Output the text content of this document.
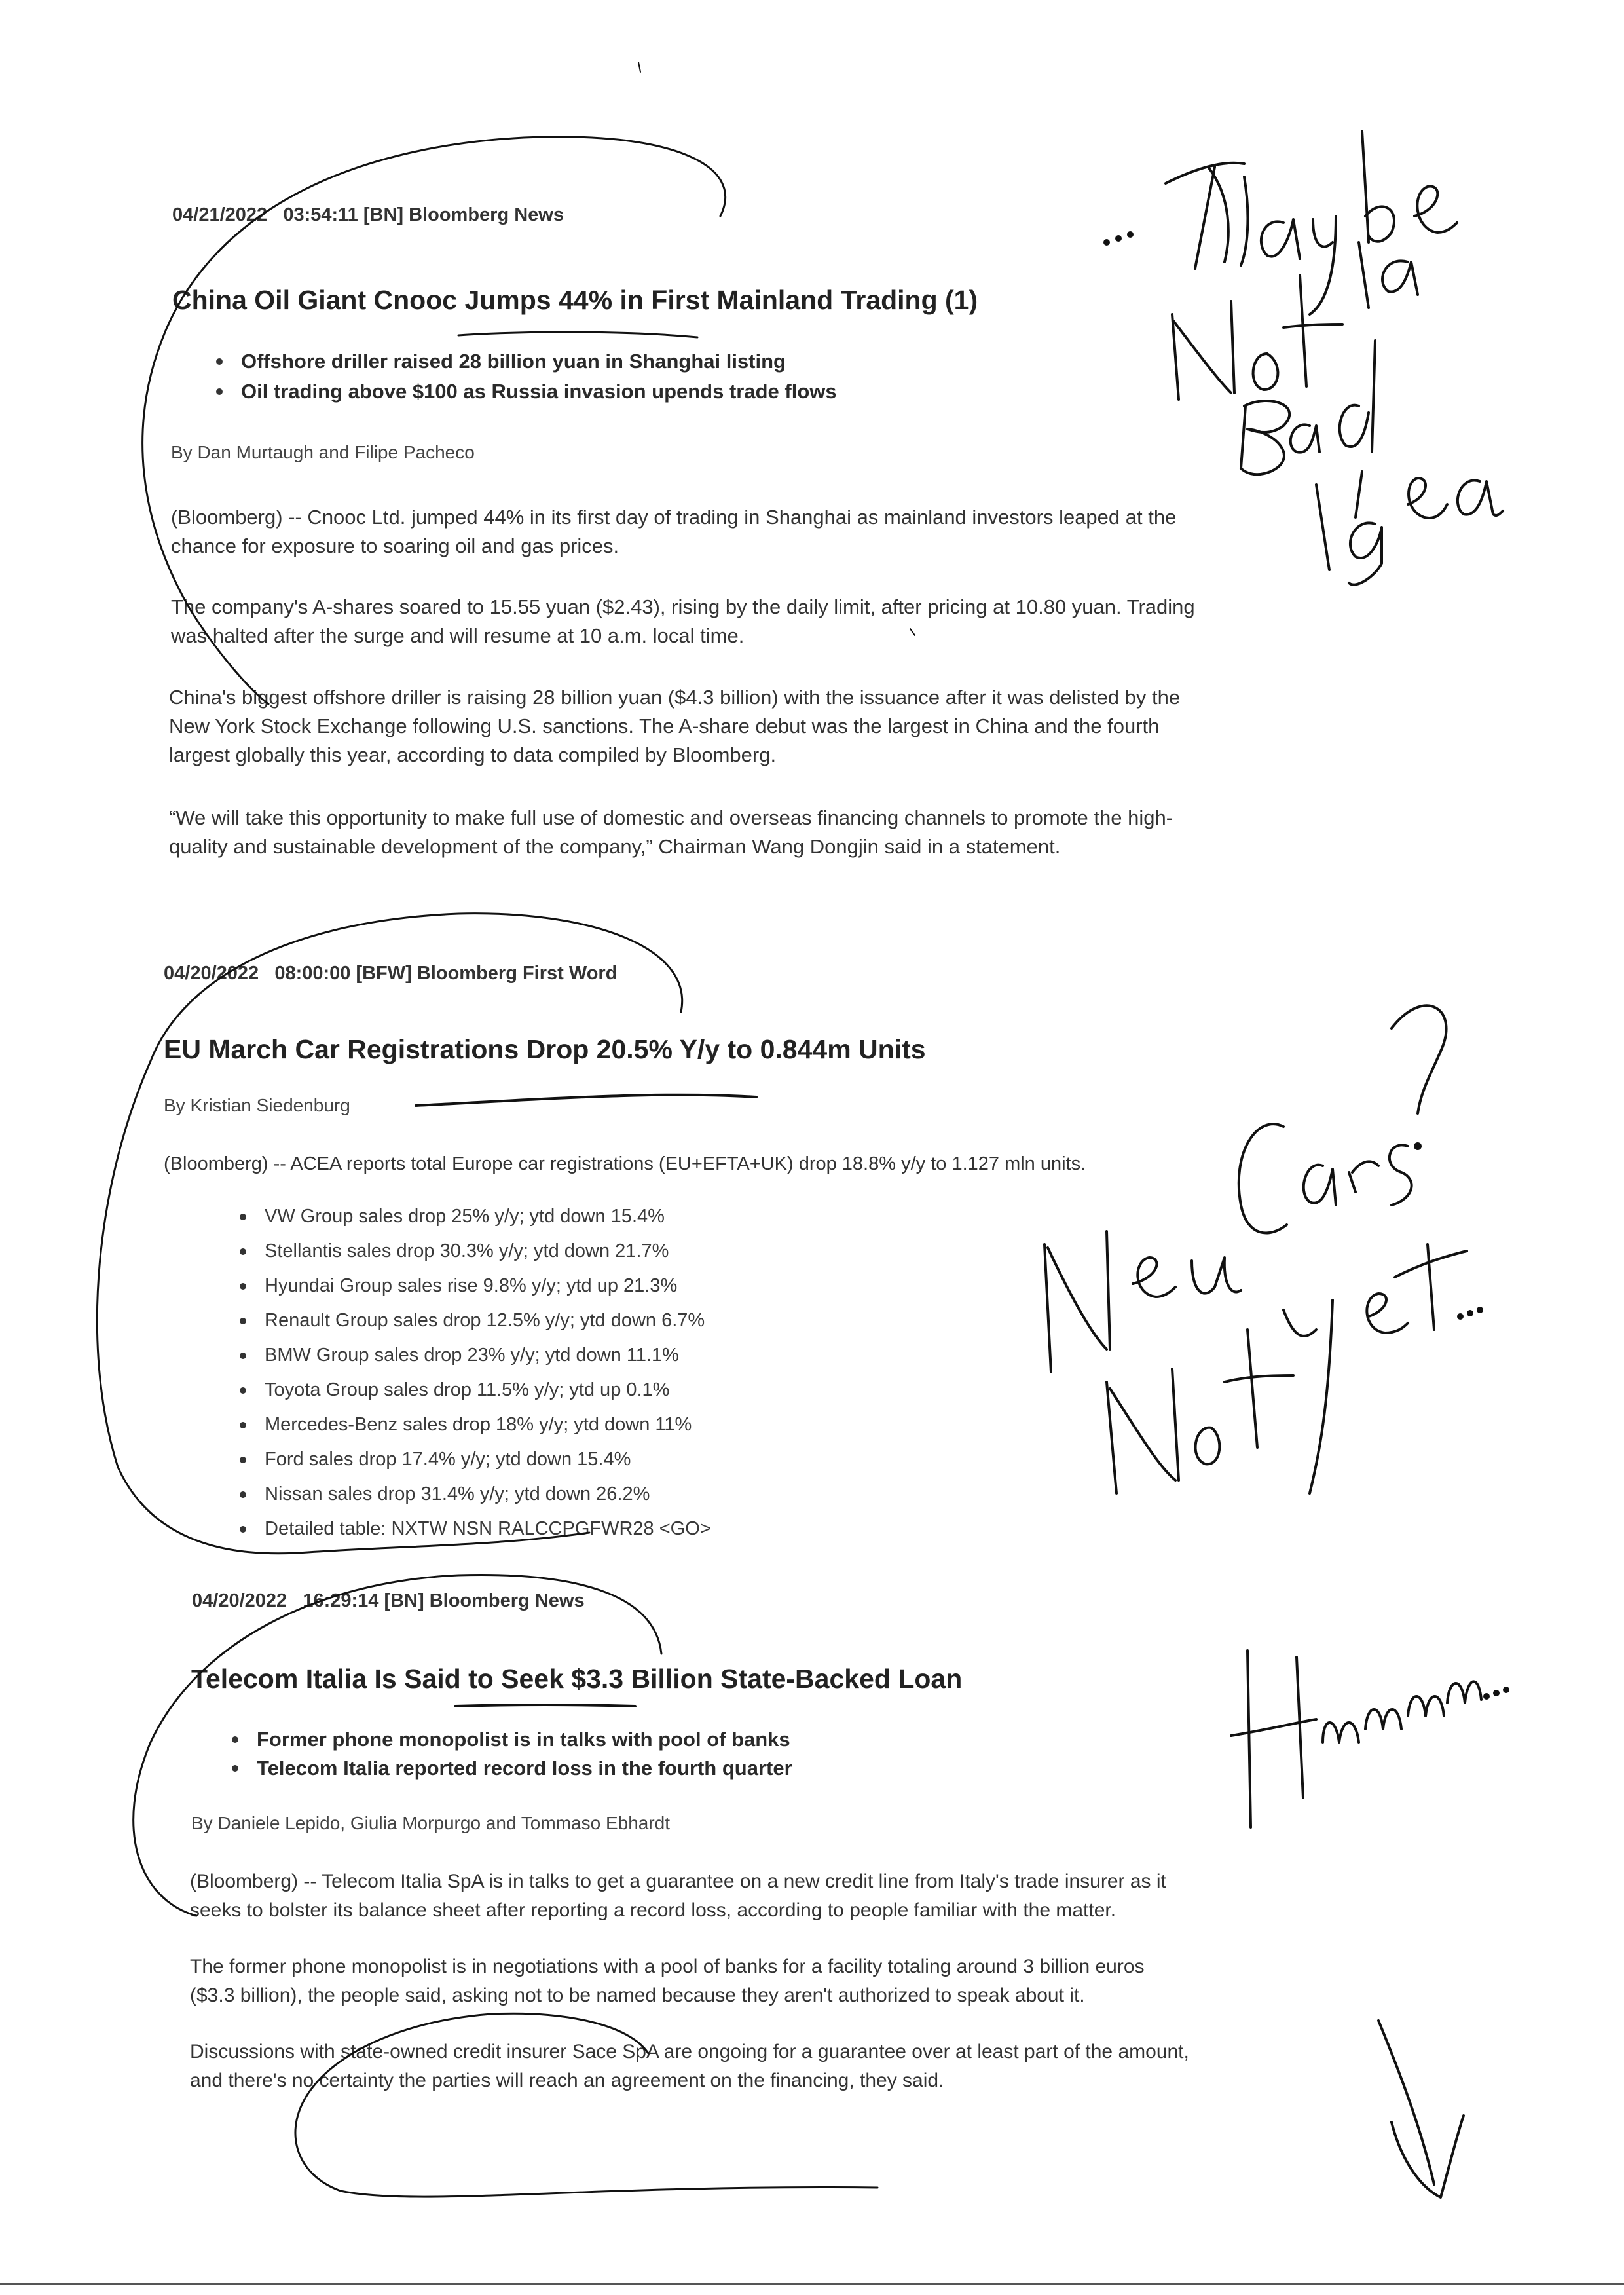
04/21/2022   03:54:11 [BN] Bloomberg News
China Oil Giant Cnooc Jumps 44% in First Mainland Trading (1)
Offshore driller raised 28 billion yuan in Shanghai listing
Oil trading above $100 as Russia invasion upends trade flows
By Dan Murtaugh and Filipe Pacheco
(Bloomberg) -- Cnooc Ltd. jumped 44% in its first day of trading in Shanghai as mainland investors leaped at the
chance for exposure to soaring oil and gas prices.
The company's A-shares soared to 15.55 yuan ($2.43), rising by the daily limit, after pricing at 10.80 yuan. Trading
was halted after the surge and will resume at 10 a.m. local time.
China's biggest offshore driller is raising 28 billion yuan ($4.3 billion) with the issuance after it was delisted by the
New York Stock Exchange following U.S. sanctions. The A-share debut was the largest in China and the fourth
largest globally this year, according to data compiled by Bloomberg.
“We will take this opportunity to make full use of domestic and overseas financing channels to promote the high-
quality and sustainable development of the company,” Chairman Wang Dongjin said in a statement.
04/20/2022   08:00:00 [BFW] Bloomberg First Word
EU March Car Registrations Drop 20.5% Y/y to 0.844m Units
By Kristian Siedenburg
(Bloomberg) -- ACEA reports total Europe car registrations (EU+EFTA+UK) drop 18.8% y/y to 1.127 mln units.
VW Group sales drop 25% y/y; ytd down 15.4%
Stellantis sales drop 30.3% y/y; ytd down 21.7%
Hyundai Group sales rise 9.8% y/y; ytd up 21.3%
Renault Group sales drop 12.5% y/y; ytd down 6.7%
BMW Group sales drop 23% y/y; ytd down 11.1%
Toyota Group sales drop 11.5% y/y; ytd up 0.1%
Mercedes-Benz sales drop 18% y/y; ytd down 11%
Ford sales drop 17.4% y/y; ytd down 15.4%
Nissan sales drop 31.4% y/y; ytd down 26.2%
Detailed table: NXTW NSN RALCCPGFWR28 <GO>
04/20/2022   16:29:14 [BN] Bloomberg News
Telecom Italia Is Said to Seek $3.3 Billion State-Backed Loan
Former phone monopolist is in talks with pool of banks
Telecom Italia reported record loss in the fourth quarter
By Daniele Lepido, Giulia Morpurgo and Tommaso Ebhardt
(Bloomberg) -- Telecom Italia SpA is in talks to get a guarantee on a new credit line from Italy's trade insurer as it
seeks to bolster its balance sheet after reporting a record loss, according to people familiar with the matter.
The former phone monopolist is in negotiations with a pool of banks for a facility totaling around 3 billion euros
($3.3 billion), the people said, asking not to be named because they aren't authorized to speak about it.
Discussions with state-owned credit insurer Sace SpA are ongoing for a guarantee over at least part of the amount,
and there's no certainty the parties will reach an agreement on the financing, they said.
